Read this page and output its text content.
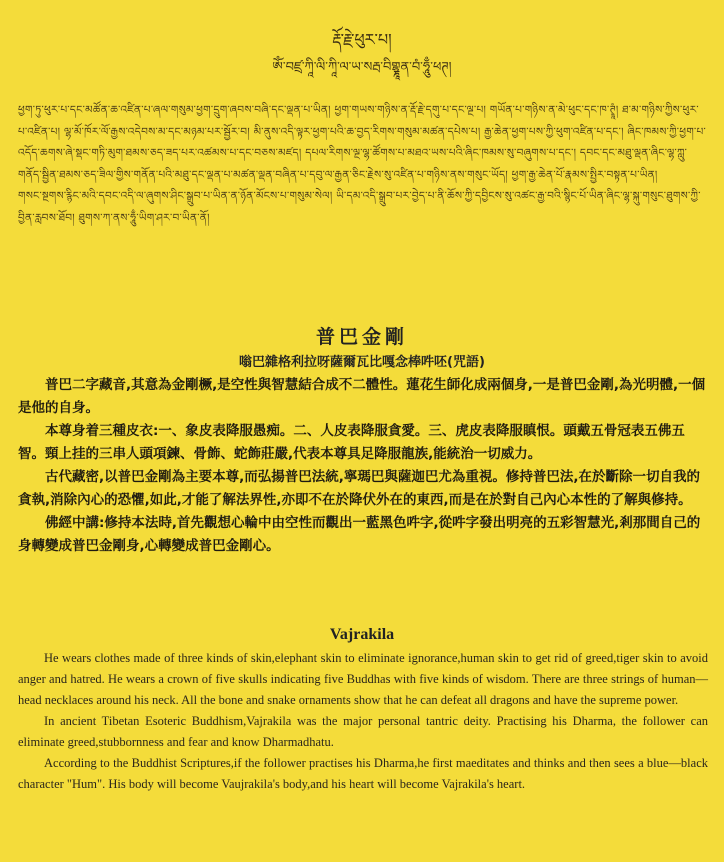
རྡོ་རྗེ་ཕུར་པ།
ཨོཾ་བཛྲ་ཀཱི་ལི་ཀཱི་ལ་ཡ་སརྦ་བིགྷྣཱན་བཾ་ཧཱུྃ་ཕཊ།

ཕྱག་ཏུ་ཕུར་པ་དང་མཚོན་ཆ་འཛིན་པ་ཞལ་གསུམ་ཕྱག་དྲུག་ཞབས་བཞི་དང་ལྡན་པ་ཡིན། ཕྱག་གཡས་གཉིས་ན་རྡོ་རྗེ་དགུ་པ་དང་ལྔ་པ། གཡོན་པ་གཉིས་ན་མེ་ཕུང་དང་ཁ་ཊྭཱཾ། ཐ་མ་གཉིས་ཀྱིས་ཕུར་པ་འཛིན་པ། ལྷ་མོ་ཁོར་ལོ་རྒྱས་འདེབས་མ་དང་མཉམ་པར་སྦྱོར་བ། མི་ནུས་འདི་ལྟར་ཕྱག་པའི་ཆ་བྱད་རིགས་གསུམ་མཚན་དཔེས་པ། རྒྱ་ཆེན་ཕྱག་པས་ཀྱི་ཕུག་འཛིན་པ་དང་། ཞིང་ཁམས་ཀྱི་ཕྱག་པ་འདོད་ཆགས་ཞེ་སྡང་གཏི་མུག་ཐམས་ཅད་ཟད་པར་འཚམས་པ་དང་བཅས་མཛད། དཔལ་རིགས་ལྔ་ལྷ་ཚོགས་པ་མཐའ་ཡས་པའི་ཞིང་ཁམས་སུ་བཞུགས་པ་དང་། དབང་དང་མཐུ་ལྡན་ཞིང་ལྷ་ཀླུ་གནོད་སྦྱིན་ཐམས་ཅད་ཟིལ་གྱིས་གནོན་པའི་མཐུ་དང་ལྡན་པ་མཚན་ལྡན་བཞིན་པ་དབུ་ལ་རྒྱན་ཅིང་རྗེས་སུ་འཛིན་པ་གཉིས་ནས་གསུང་ཡོད། ཕྱག་རྒྱ་ཆེན་པོ་རྣམས་སྤྱིར་བསྟན་པ་ཡིན།

གསང་སྔགས་རྙིང་མའི་དབང་འདི་ལ་ཞུགས་ཤིང་སྒྲུབ་པ་ཡིན་ན་ཉོན་མོངས་པ་གསུམ་སེལ། ཡི་དམ་འདི་སྒྲུབ་པར་བྱེད་པ་ནི་ཆོས་ཀྱི་དབྱིངས་སུ་འཚང་རྒྱ་བའི་སྙིང་པོ་ཡིན་ཞིང་ལྷ་སྐུ་གསུང་ཐུགས་ཀྱི་བྱིན་རླབས་ཐོབ། ཐུགས་ཀ་ནས་ཧཱུྃ་ཡིག་ཤར་བ་ཡིན་ནོ།

普巴金剛
嗡巴雜格利拉呀薩爾瓦比嘎念棒吽呸(咒語)

普巴二字藏音,其意為金剛橛,是空性與智慧結合成不二體性。蓮花生師化成兩個身,一是普巴金剛,為光明體,一個是他的自身。

本尊身着三種皮衣:一、象皮表降服愚痴。二、人皮表降服貪愛。三、虎皮表降服瞋恨。頭戴五骨冠表五佛五智。頸上挂的三串人頭項鍊、骨飾、蛇飾莊嚴,代表本尊具足降服龍族,能統治一切威力。

古代藏密,以普巴金剛為主要本尊,而弘揚普巴法統,寧瑪巴與薩迦巴尤為重視。修持普巴法,在於斷除一切自我的貪執,消除內心的恐懼,如此,才能了解法界性,亦即不在於降伏外在的東西,而是在於對自己內心本性的了解與修持。

佛經中講:修持本法時,首先觀想心輪中由空性而觀出一藍黑色吽字,從吽字發出明亮的五彩智慧光,剎那間自己的身轉變成普巴金剛身,心轉變成普巴金剛心。

Vajrakila

He wears clothes made of three kinds of skin,elephant skin to eliminate ignorance,human skin to get rid of greed,tiger skin to avoid anger and hatred. He wears a crown of five skulls indicating five Buddhas with five kinds of wisdom. There are three strings of human—head necklaces around his neck. All the bone and snake ornaments show that he can defeat all dragons and have the supreme power.

In ancient Tibetan Esoteric Buddhism,Vajrakila was the major personal tantric deity. Practising his Dharma, the follower can eliminate greed,stubbornness and fear and know Dharmadhatu.

According to the Buddhist Scriptures,if the follower practises his Dharma,he first maeditates and thinks and then sees a blue—black character "Hum". His body will become Vaujrakila's body,and his heart will become Vajrakila's heart.
